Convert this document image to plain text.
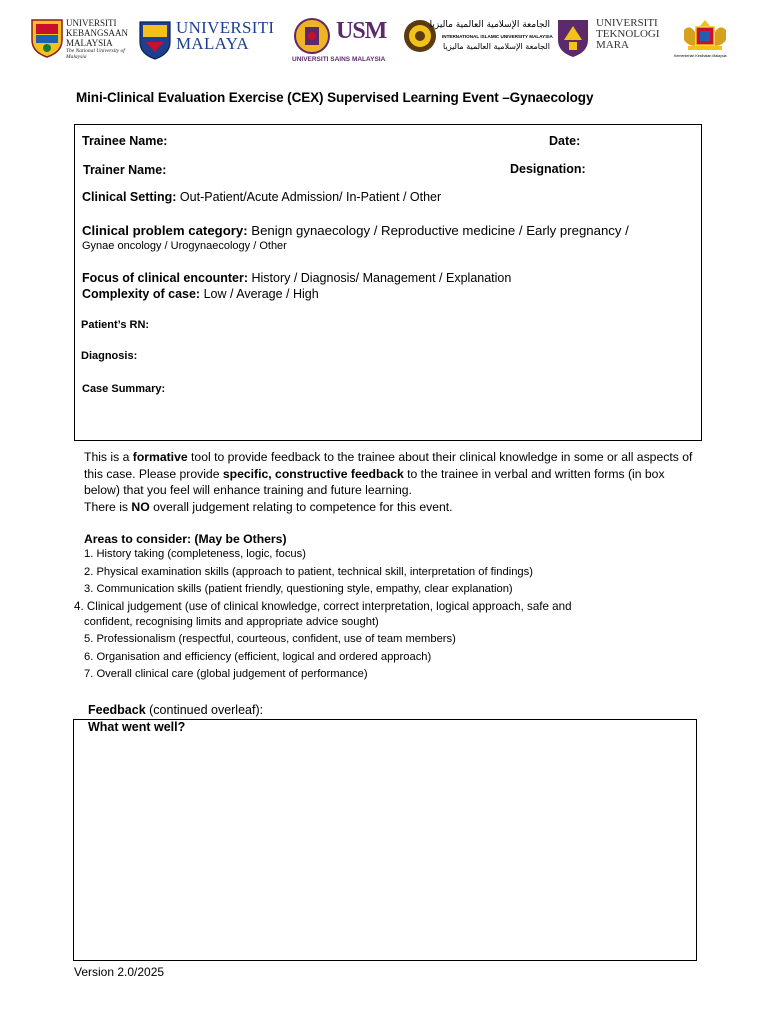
UNIVERSITI
KEBANGSAAN
MALAYSIA
The National University of Malaysia
UNIVERSITI
MALAYA	USM
UNIVERSITI SAINS MALAYSIA
الجامعة الإسلامية العالمية ماليزيا
INTERNATIONAL ISLAMIC UNIVERSITY MALAYSIA
الجامعة الإسلامية العالمية ماليزيا
UNIVERSITI
TEKNOLOGI
MARA
Kementerian Kesihatan Malaysia
Mini-Clinical Evaluation Exercise (CEX) Supervised Learning Event –Gynaecology
Trainee Name:	Date:
Trainer Name:	Designation:
Clinical Setting: Out-Patient/Acute Admission/ In-Patient / Other
Clinical problem category: Benign gynaecology / Reproductive medicine / Early pregnancy /
Gynae oncology / Urogynaecology / Other
Focus of clinical encounter: History / Diagnosis/ Management / Explanation
Complexity of case: Low / Average / High
Patient’s RN:
Diagnosis:
Case Summary:
This is a formative tool to provide feedback to the trainee about their clinical knowledge in some or all aspects of this case. Please provide specific, constructive feedback to the trainee in verbal and written forms (in box below) that you feel will enhance training and future learning.
There is NO overall judgement relating to competence for this event.
Areas to consider: (May be Others)
1. History taking (completeness, logic, focus)
2. Physical examination skills (approach to patient, technical skill, interpretation of findings)
3. Communication skills (patient friendly, questioning style, empathy, clear explanation)
4. Clinical judgement (use of clinical knowledge, correct interpretation, logical approach, safe and
confident, recognising limits and appropriate advice sought)
5. Professionalism (respectful, courteous, confident, use of team members)
6. Organisation and efficiency (efficient, logical and ordered approach)
7. Overall clinical care (global judgement of performance)
Feedback (continued overleaf):
What went well?
Version 2.0/2025
